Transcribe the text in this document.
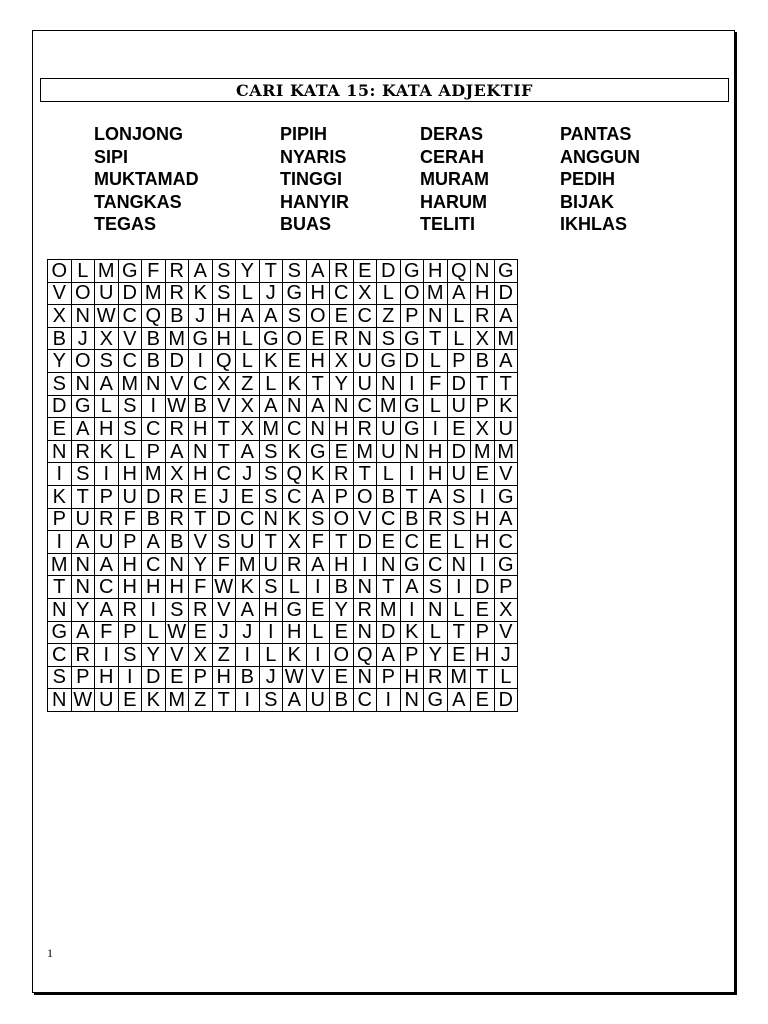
CARI KATA 15: KATA ADJEKTIF
LONJONG	PIPIH	DERAS	PANTAS
SIPI	NYARIS	CERAH	ANGGUN
MUKTAMAD	TINGGI	MURAM	PEDIH
TANGKAS	HANYIR	HARUM	BIJAK
TEGAS	BUAS	TELITI	IKHLAS
O	L	M	G	F	R	A	S	Y	T	S	A	R	E	D	G	H	Q	N	G
V	O	U	D	M	R	K	S	L	J	G	H	C	X	L	O	M	A	H	D
X	N	W	C	Q	B	J	H	A	A	S	O	E	C	Z	P	N	L	R	A
B	J	X	V	B	M	G	H	L	G	O	E	R	N	S	G	T	L	X	M
Y	O	S	C	B	D	I	Q	L	K	E	H	X	U	G	D	L	P	B	A
S	N	A	M	N	V	C	X	Z	L	K	T	Y	U	N	I	F	D	T	T
D	G	L	S	I	W	B	V	X	A	N	A	N	C	M	G	L	U	P	K
E	A	H	S	C	R	H	T	X	M	C	N	H	R	U	G	I	E	X	U
N	R	K	L	P	A	N	T	A	S	K	G	E	M	U	N	H	D	M	M
I	S	I	H	M	X	H	C	J	S	Q	K	R	T	L	I	H	U	E	V
K	T	P	U	D	R	E	J	E	S	C	A	P	O	B	T	A	S	I	G
P	U	R	F	B	R	T	D	C	N	K	S	O	V	C	B	R	S	H	A
I	A	U	P	A	B	V	S	U	T	X	F	T	D	E	C	E	L	H	C
M	N	A	H	C	N	Y	F	M	U	R	A	H	I	N	G	C	N	I	G
T	N	C	H	H	H	F	W	K	S	L	I	B	N	T	A	S	I	D	P
N	Y	A	R	I	S	R	V	A	H	G	E	Y	R	M	I	N	L	E	X
G	A	F	P	L	W	E	J	J	I	H	L	E	N	D	K	L	T	P	V
C	R	I	S	Y	V	X	Z	I	L	K	I	O	Q	A	P	Y	E	H	J
S	P	H	I	D	E	P	H	B	J	W	V	E	N	P	H	R	M	T	L
N	W	U	E	K	M	Z	T	I	S	A	U	B	C	I	N	G	A	E	D
1
